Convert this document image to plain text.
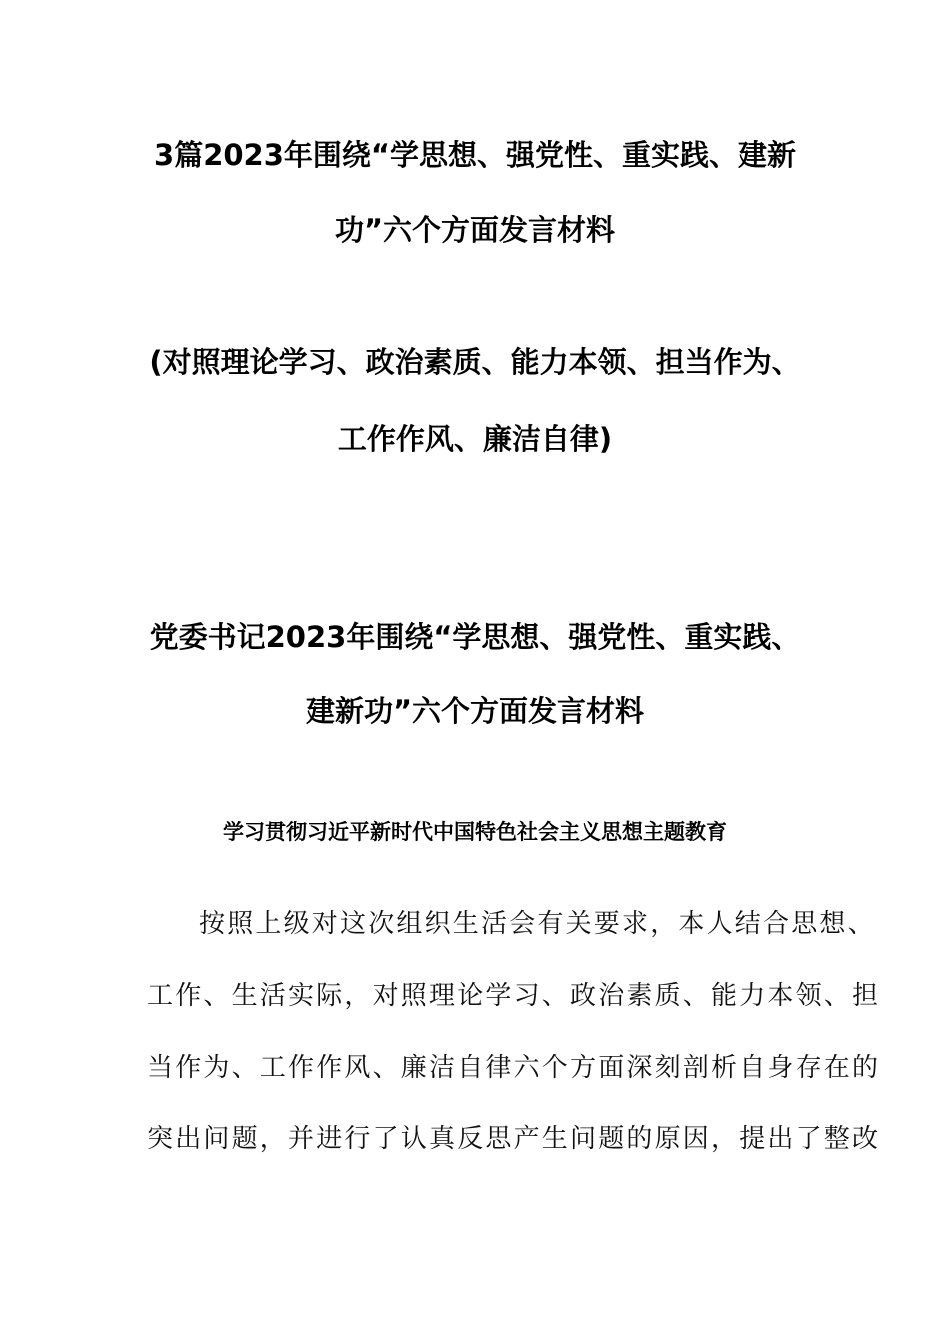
3篇2023年围绕“学思想、强党性、重实践、建新
功”六个方面发言材料
(对照理论学习、政治素质、能力本领、担当作为、
工作作风、廉洁自律)
党委书记2023年围绕“学思想、强党性、重实践、
建新功”六个方面发言材料
学习贯彻习近平新时代中国特色社会主义思想主题教育
按照上级对这次组织生活会有关要求，本人结合思想、
工作、生活实际，对照理论学习、政治素质、能力本领、担
当作为、工作作风、廉洁自律六个方面深刻剖析自身存在的
突出问题，并进行了认真反思产生问题的原因，提出了整改
